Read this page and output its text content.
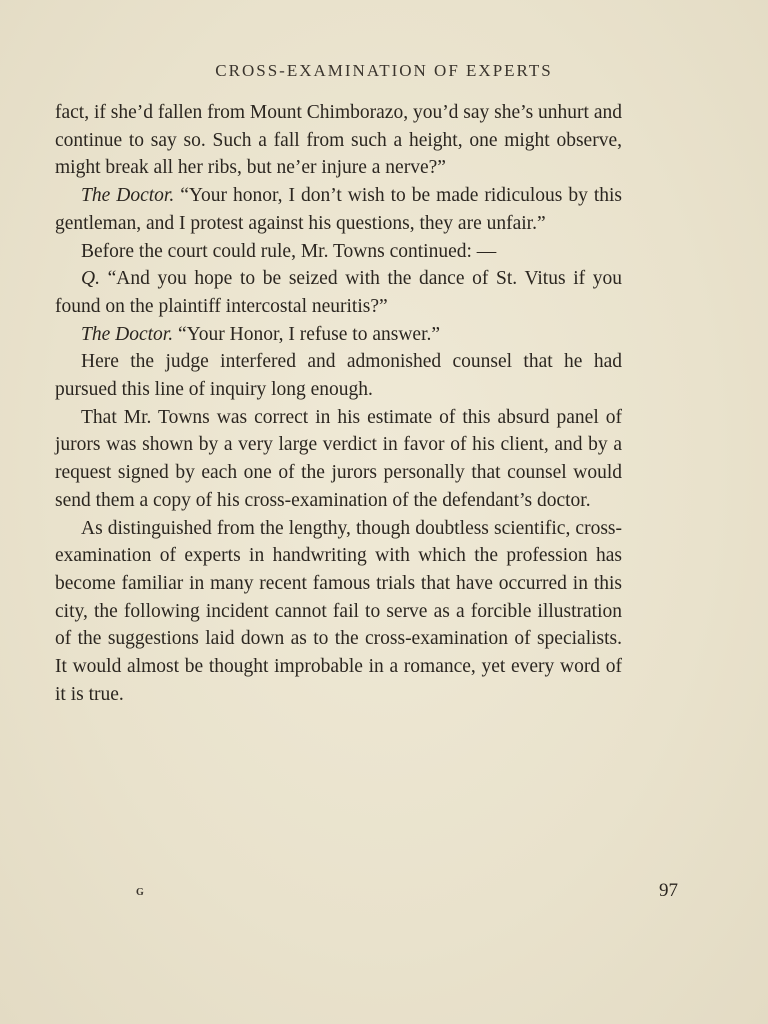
CROSS-EXAMINATION OF EXPERTS

fact, if she’d fallen from Mount Chimborazo, you’d say she’s unhurt and continue to say so. Such a fall from such a height, one might observe, might break all her ribs, but ne’er injure a nerve?”

The Doctor. “Your honor, I don’t wish to be made ridiculous by this gentleman, and I protest against his questions, they are unfair.”

Before the court could rule, Mr. Towns continued: —

Q. “And you hope to be seized with the dance of St. Vitus if you found on the plaintiff intercostal neuritis?”

The Doctor. “Your Honor, I refuse to answer.”

Here the judge interfered and admonished counsel that he had pursued this line of inquiry long enough.

That Mr. Towns was correct in his estimate of this absurd panel of jurors was shown by a very large verdict in favor of his client, and by a request signed by each one of the jurors personally that counsel would send them a copy of his cross-examination of the defendant’s doctor.

As distinguished from the lengthy, though doubtless scientific, cross-examination of experts in handwriting with which the profession has become familiar in many recent famous trials that have occurred in this city, the following incident cannot fail to serve as a forcible illustration of the suggestions laid down as to the cross-examination of specialists. It would almost be thought improbable in a romance, yet every word of it is true.

G	97
